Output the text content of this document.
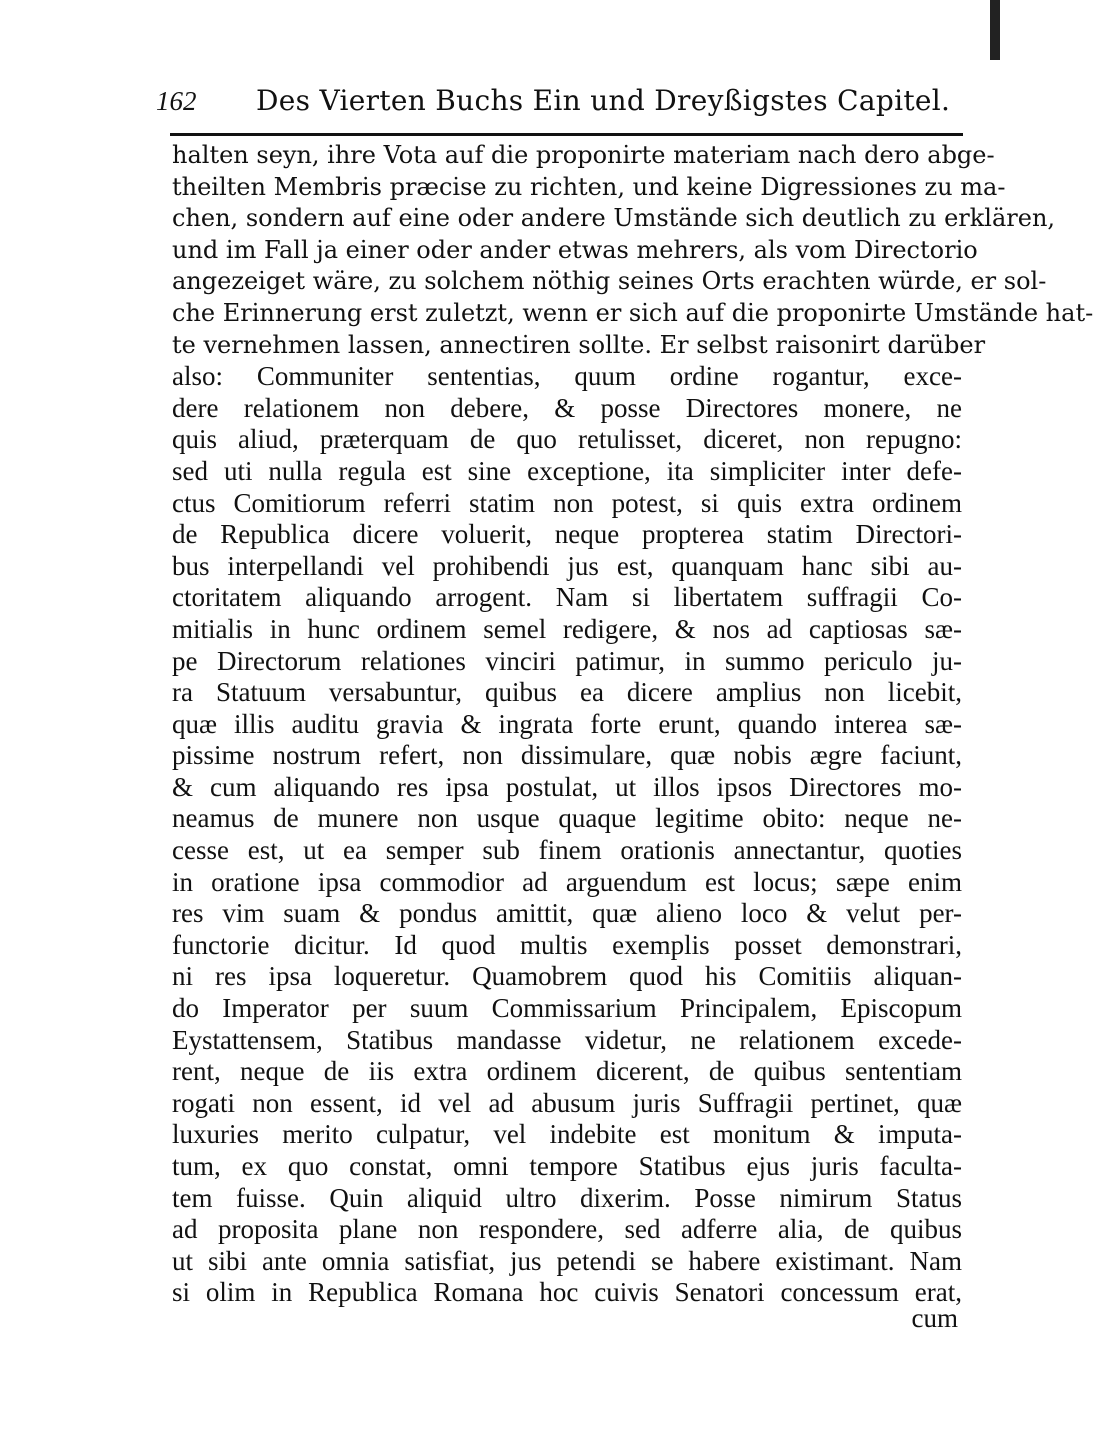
162	Des Vierten Buchs Ein und Dreyßigstes Capitel.
halten seyn, ihre Vota auf die proponirte materiam nach dero abge-
theilten Membris præcise zu richten, und keine Digressiones zu ma-
chen, sondern auf eine oder andere Umstände sich deutlich zu erklären,
und im Fall ja einer oder ander etwas mehrers, als vom Directorio
angezeiget wäre, zu solchem nöthig seines Orts erachten würde, er sol-
che Erinnerung erst zuletzt, wenn er sich auf die proponirte Umstände hat-
te vernehmen lassen, annectiren sollte. Er selbst raisonirt darüber
also: Communiter sententias, quum ordine rogantur, exce-
dere relationem non debere, & posse Directores monere, ne
quis aliud, præterquam de quo retulisset, diceret, non repugno:
sed uti nulla regula est sine exceptione, ita simpliciter inter defe-
ctus Comitiorum referri statim non potest, si quis extra ordinem
de Republica dicere voluerit, neque propterea statim Directori-
bus interpellandi vel prohibendi jus est, quanquam hanc sibi au-
ctoritatem aliquando arrogent. Nam si libertatem suffragii Co-
mitialis in hunc ordinem semel redigere, & nos ad captiosas sæ-
pe Directorum relationes vinciri patimur, in summo periculo ju-
ra Statuum versabuntur, quibus ea dicere amplius non licebit,
quæ illis auditu gravia & ingrata forte erunt, quando interea sæ-
pissime nostrum refert, non dissimulare, quæ nobis ægre faciunt,
& cum aliquando res ipsa postulat, ut illos ipsos Directores mo-
neamus de munere non usque quaque legitime obito: neque ne-
cesse est, ut ea semper sub finem orationis annectantur, quoties
in oratione ipsa commodior ad arguendum est locus; sæpe enim
res vim suam & pondus amittit, quæ alieno loco & velut per-
functorie dicitur. Id quod multis exemplis posset demonstrari,
ni res ipsa loqueretur. Quamobrem quod his Comitiis aliquan-
do Imperator per suum Commissarium Principalem, Episcopum
Eystattensem, Statibus mandasse videtur, ne relationem excede-
rent, neque de iis extra ordinem dicerent, de quibus sententiam
rogati non essent, id vel ad abusum juris Suffragii pertinet, quæ
luxuries merito culpatur, vel indebite est monitum & imputa-
tum, ex quo constat, omni tempore Statibus ejus juris faculta-
tem fuisse. Quin aliquid ultro dixerim. Posse nimirum Status
ad proposita plane non respondere, sed adferre alia, de quibus
ut sibi ante omnia satisfiat, jus petendi se habere existimant. Nam
si olim in Republica Romana hoc cuivis Senatori concessum erat,
cum
